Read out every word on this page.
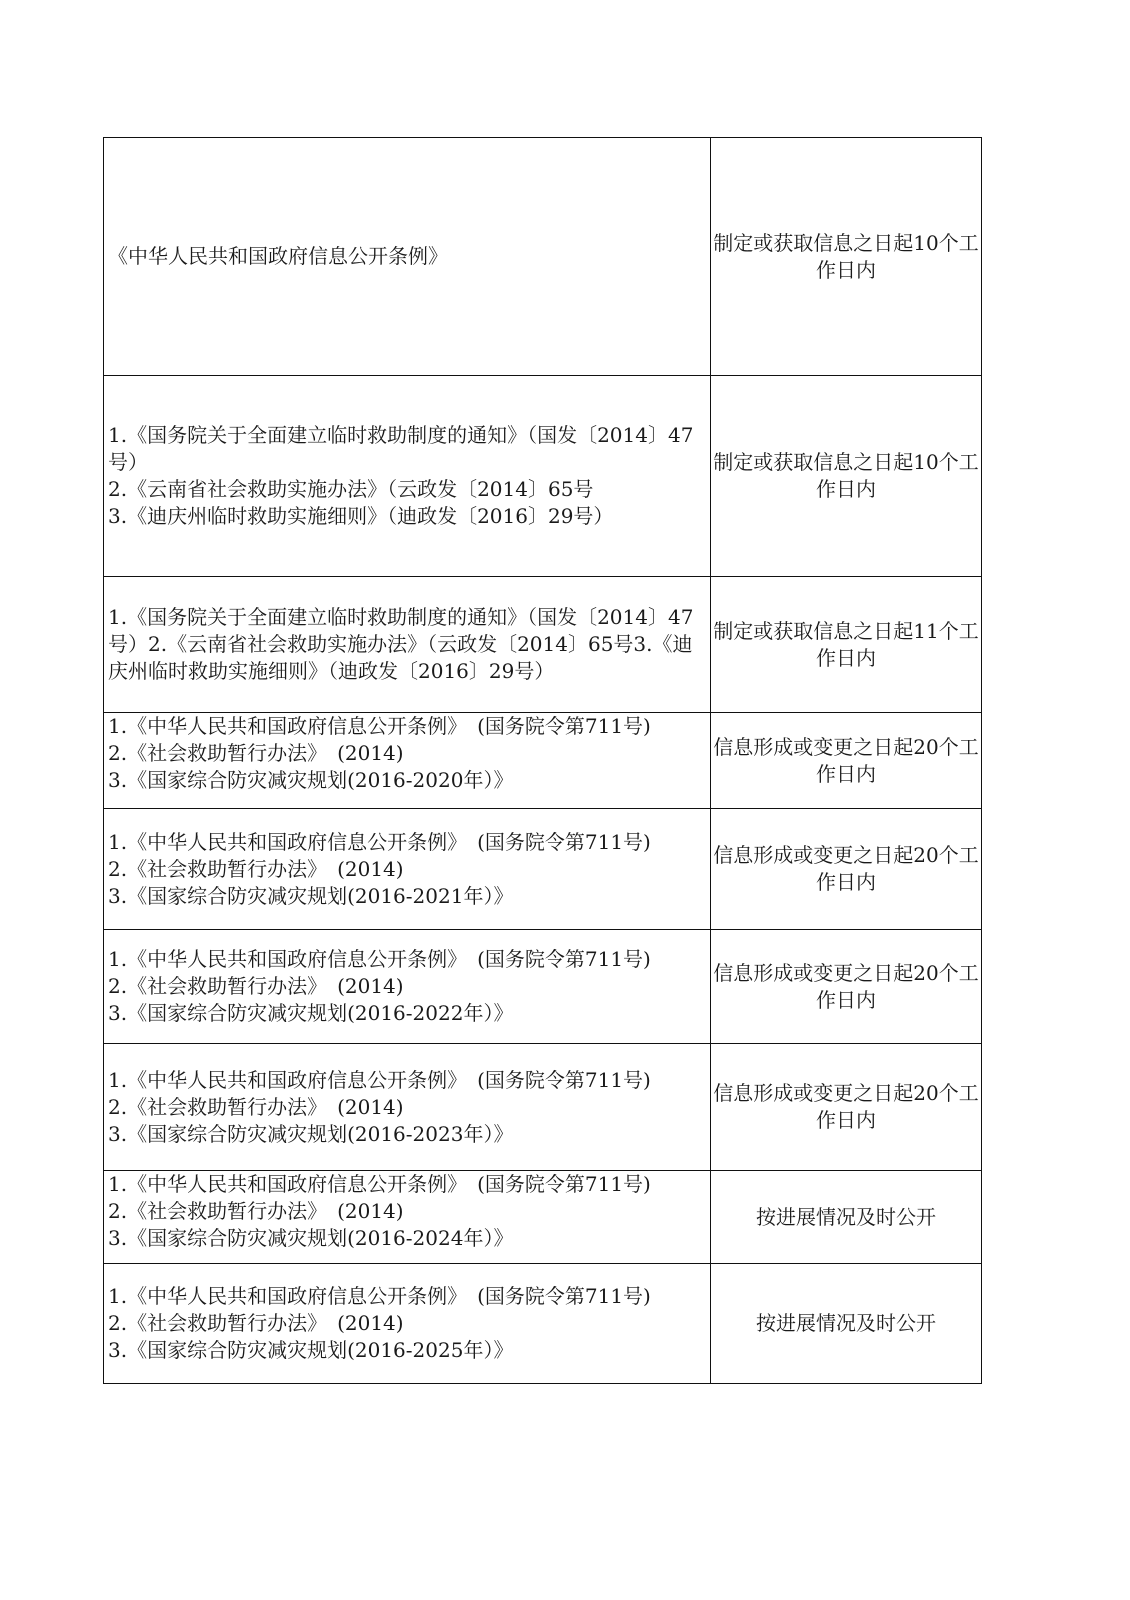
《中华人民共和国政府信息公开条例》	制定或获取信息之日起10个工作日内

1.《国务院关于全面建立临时救助制度的通知》（国发〔2014〕47号）
2.《云南省社会救助实施办法》（云政发〔2014〕65号
3.《迪庆州临时救助实施细则》（迪政发〔2016〕29号）	制定或获取信息之日起10个工作日内

1.《国务院关于全面建立临时救助制度的通知》（国发〔2014〕47号）2.《云南省社会救助实施办法》（云政发〔2014〕65号3.《迪庆州临时救助实施细则》（迪政发〔2016〕29号）	制定或获取信息之日起11个工作日内

1.《中华人民共和国政府信息公开条例》　(国务院令第711号)
2.《社会救助暂行办法》　(2014)
3.《国家综合防灾减灾规划(2016-2020年）》	信息形成或变更之日起20个工作日内

1.《中华人民共和国政府信息公开条例》　(国务院令第711号)
2.《社会救助暂行办法》　(2014)
3.《国家综合防灾减灾规划(2016-2021年）》	信息形成或变更之日起20个工作日内

1.《中华人民共和国政府信息公开条例》　(国务院令第711号)
2.《社会救助暂行办法》　(2014)
3.《国家综合防灾减灾规划(2016-2022年）》	信息形成或变更之日起20个工作日内

1.《中华人民共和国政府信息公开条例》　(国务院令第711号)
2.《社会救助暂行办法》　(2014)
3.《国家综合防灾减灾规划(2016-2023年）》	信息形成或变更之日起20个工作日内

1.《中华人民共和国政府信息公开条例》　(国务院令第711号)
2.《社会救助暂行办法》　(2014)
3.《国家综合防灾减灾规划(2016-2024年）》	按进展情况及时公开

1.《中华人民共和国政府信息公开条例》　(国务院令第711号)
2.《社会救助暂行办法》　(2014)
3.《国家综合防灾减灾规划(2016-2025年）》	按进展情况及时公开
